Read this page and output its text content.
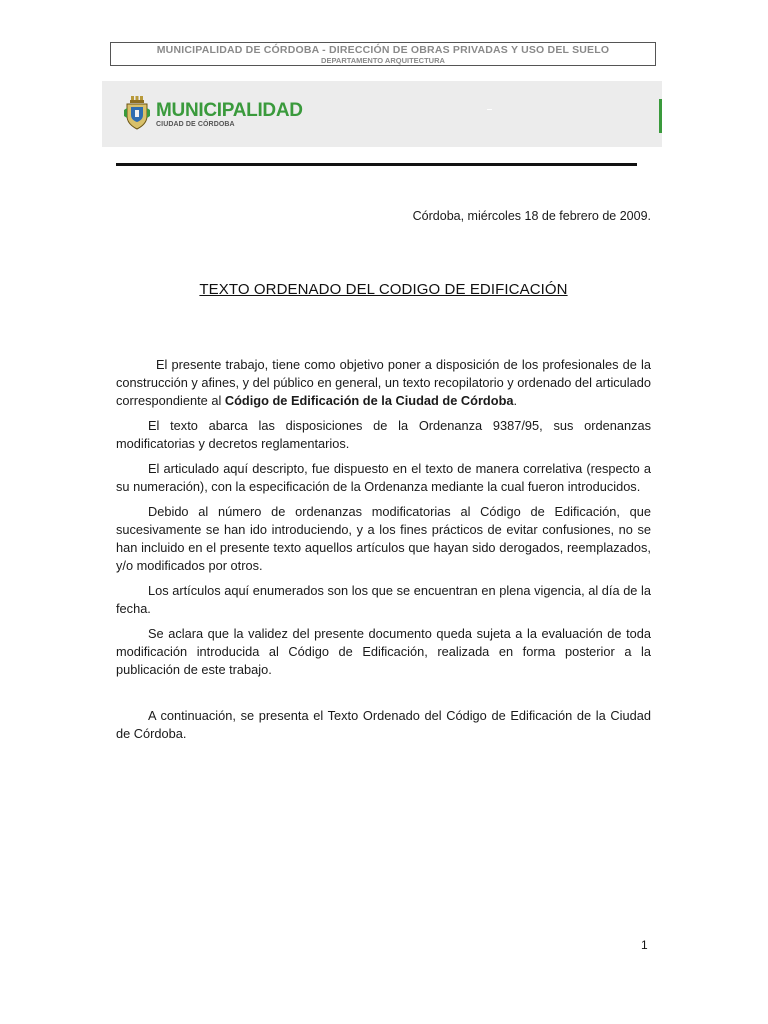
MUNICIPALIDAD DE CÓRDOBA - DIRECCIÓN DE OBRAS PRIVADAS Y USO DEL SUELO
DEPARTAMENTO ARQUITECTURA
MUNICIPALIDAD
CIUDAD DE CÓRDOBA
Córdoba, miércoles 18 de febrero de 2009.
TEXTO ORDENADO DEL CODIGO DE EDIFICACIÓN

El presente trabajo, tiene como objetivo poner a disposición de los profesionales de la construcción y afines, y del público en general, un texto recopilatorio y ordenado del articulado correspondiente al Código de Edificación de la Ciudad de Córdoba.

El texto abarca las disposiciones de la Ordenanza 9387/95, sus ordenanzas modificatorias y decretos reglamentarios.

El articulado aquí descripto, fue dispuesto en el texto de manera correlativa (respecto a su numeración), con la especificación de la Ordenanza mediante la cual fueron introducidos.

Debido al número de ordenanzas modificatorias al Código de Edificación, que sucesivamente se han ido introduciendo, y a los fines prácticos de evitar confusiones, no se han incluido en el presente texto aquellos artículos que hayan sido derogados, reemplazados, y/o modificados por otros.

Los artículos aquí enumerados son los que se encuentran en plena vigencia, al día de la fecha.

Se aclara que la validez del presente documento queda sujeta a la evaluación de toda modificación introducida al Código de Edificación, realizada en forma posterior a la publicación de este trabajo.

A continuación, se presenta el Texto Ordenado del Código de Edificación de la Ciudad de Córdoba.

1
